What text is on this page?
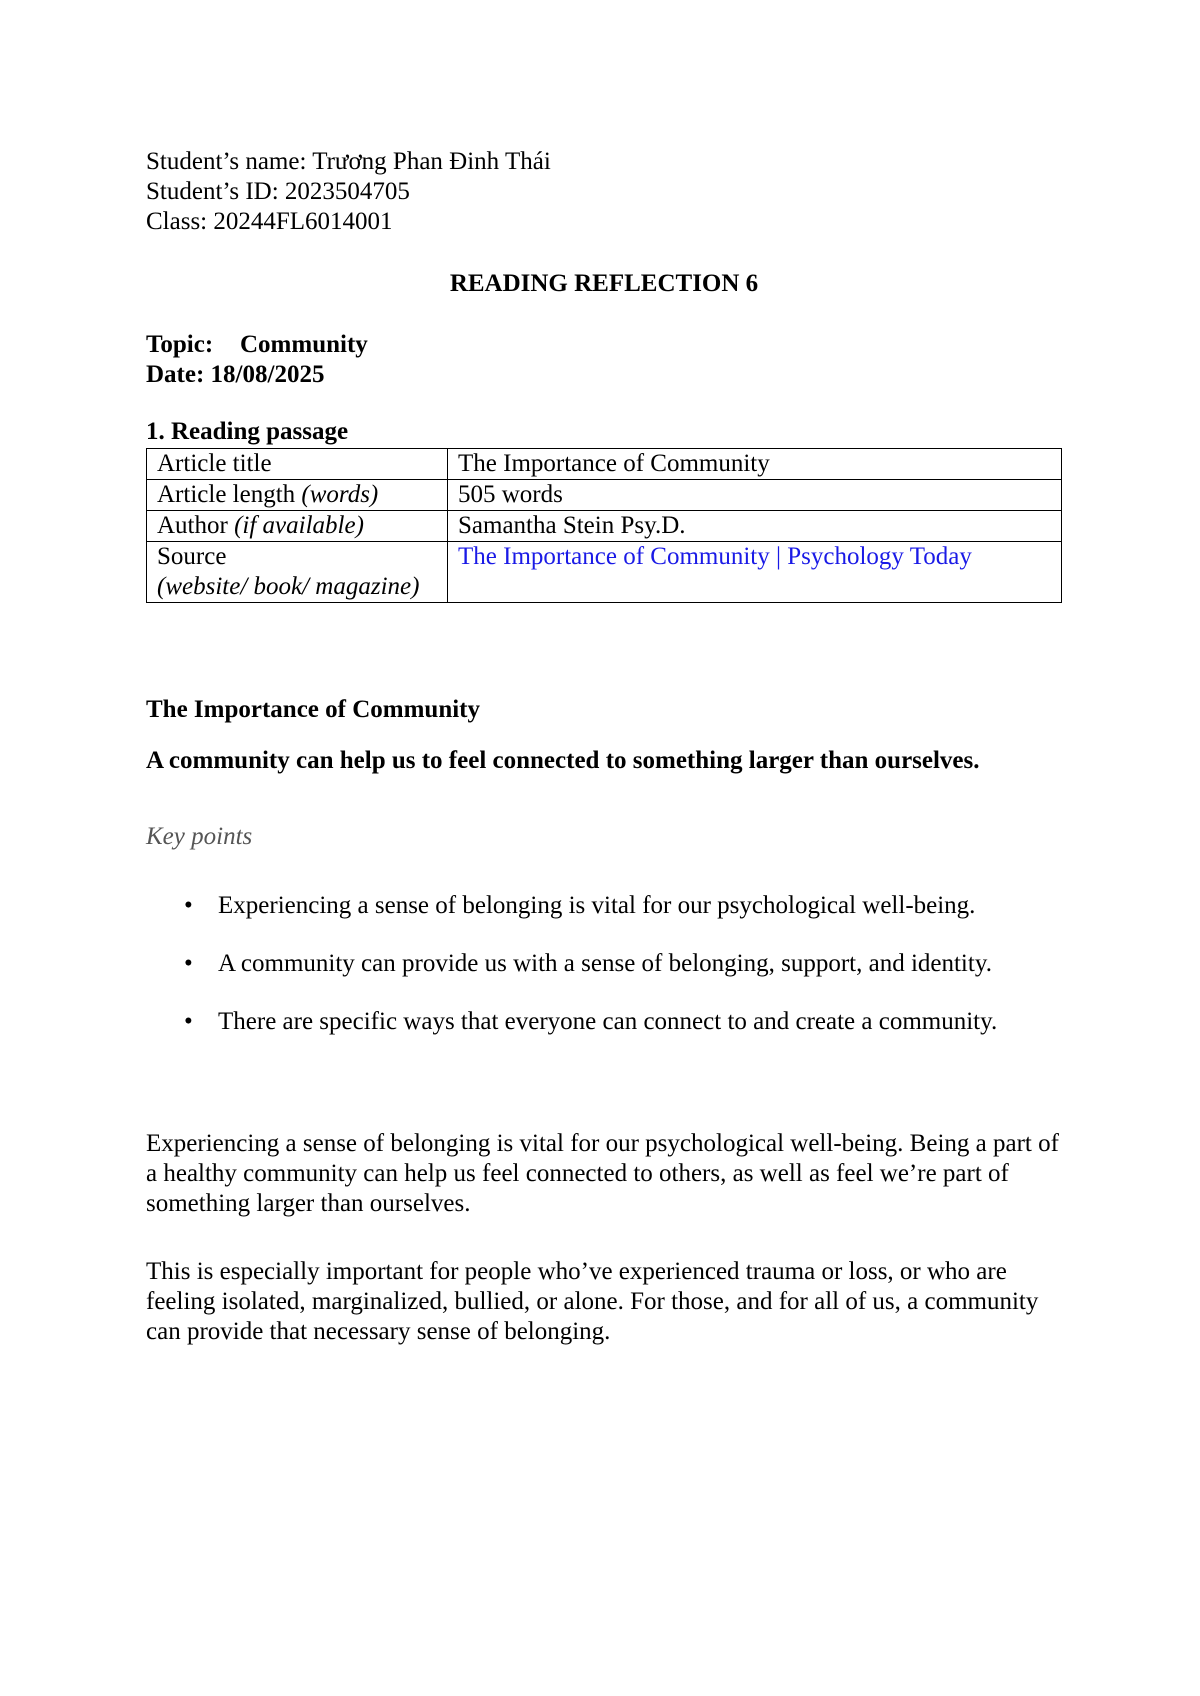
Student’s name: Trương Phan Đinh Thái
Student’s ID: 2023504705
Class: 20244FL6014001
READING REFLECTION 6
Topic: Community
Date: 18/08/2025
1. Reading passage
Article title	The Importance of Community
Article length (words)	505 words
Author (if available)	Samantha Stein Psy.D.

Source
(website/ book/ magazine)	The Importance of Community | Psychology Today
The Importance of Community
A community can help us to feel connected to something larger than ourselves.
Key points
• Experiencing a sense of belonging is vital for our psychological well-being.
• A community can provide us with a sense of belonging, support, and identity.
• There are specific ways that everyone can connect to and create a community.

Experiencing a sense of belonging is vital for our psychological well-being. Being a part of a healthy community can help us feel connected to others, as well as feel we’re part of something larger than ourselves.

This is especially important for people who’ve experienced trauma or loss, or who are feeling isolated, marginalized, bullied, or alone. For those, and for all of us, a community can provide that necessary sense of belonging.
